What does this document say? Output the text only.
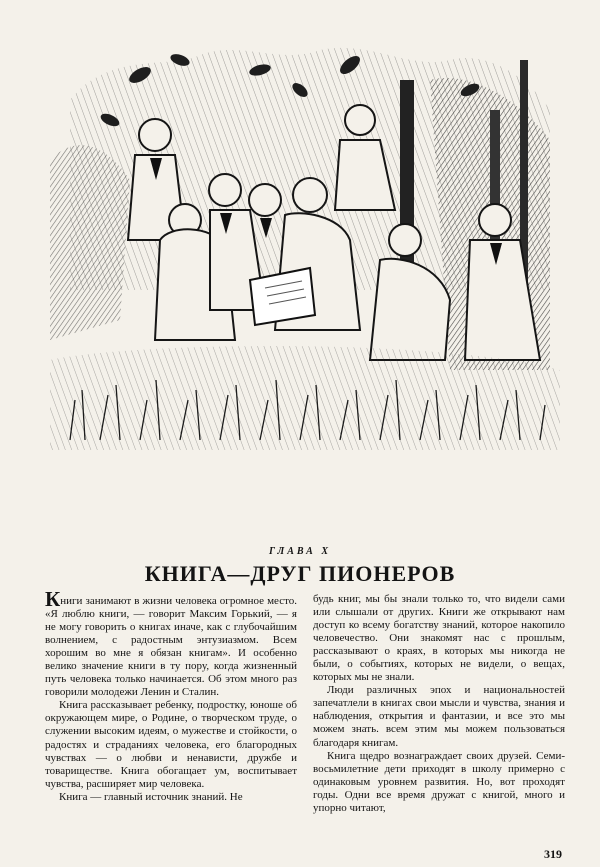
ГЛАВА X
КНИГА—ДРУГ ПИОНЕРОВ

Книги занимают в жизни человека огромное место. «Я люблю книги, — говорит Максим Горький, — я не могу говорить о книгах иначе, как с глубочайшим волнением, с радостным энтузиазмом. Всем хорошим во мне я обязан книгам». И особенно велико значение книги в ту пору, когда жизненный путь человека только начинается. Об этом много раз говорили молодежи Ленин и Сталин.

Книга рассказывает ребенку, подростку, юноше об окружающем мире, о Родине, о творческом труде, о служении высоким идеям, о мужестве и стойкости, о радостях и страданиях человека, его благородных чувствах — о любви и ненависти, дружбе и товариществе. Книга обогащает ум, воспитывает чувства, расширяет мир человека.

Книга — главный источник знаний. Не

будь книг, мы бы знали только то, что видели сами или слышали от других. Книги же открывают нам доступ ко всему богатству знаний, которое накопило человечество. Они знакомят нас с прошлым, рассказывают о краях, в которых мы никогда не были, о событиях, которых не видели, о вещах, которых мы не знали.

Люди различных эпох и национальностей запечатлели в книгах свои мысли и чувства, знания и наблюдения, открытия и фантазии, и все это мы можем знать. всем этим мы можем пользоваться благодаря книгам.

Книга щедро вознаграждает своих друзей. Семи-восьмилетние дети приходят в школу примерно с одинаковым уровнем развития. Но, вот проходят годы. Одни все время дружат с книгой, много и упорно читают,

319
